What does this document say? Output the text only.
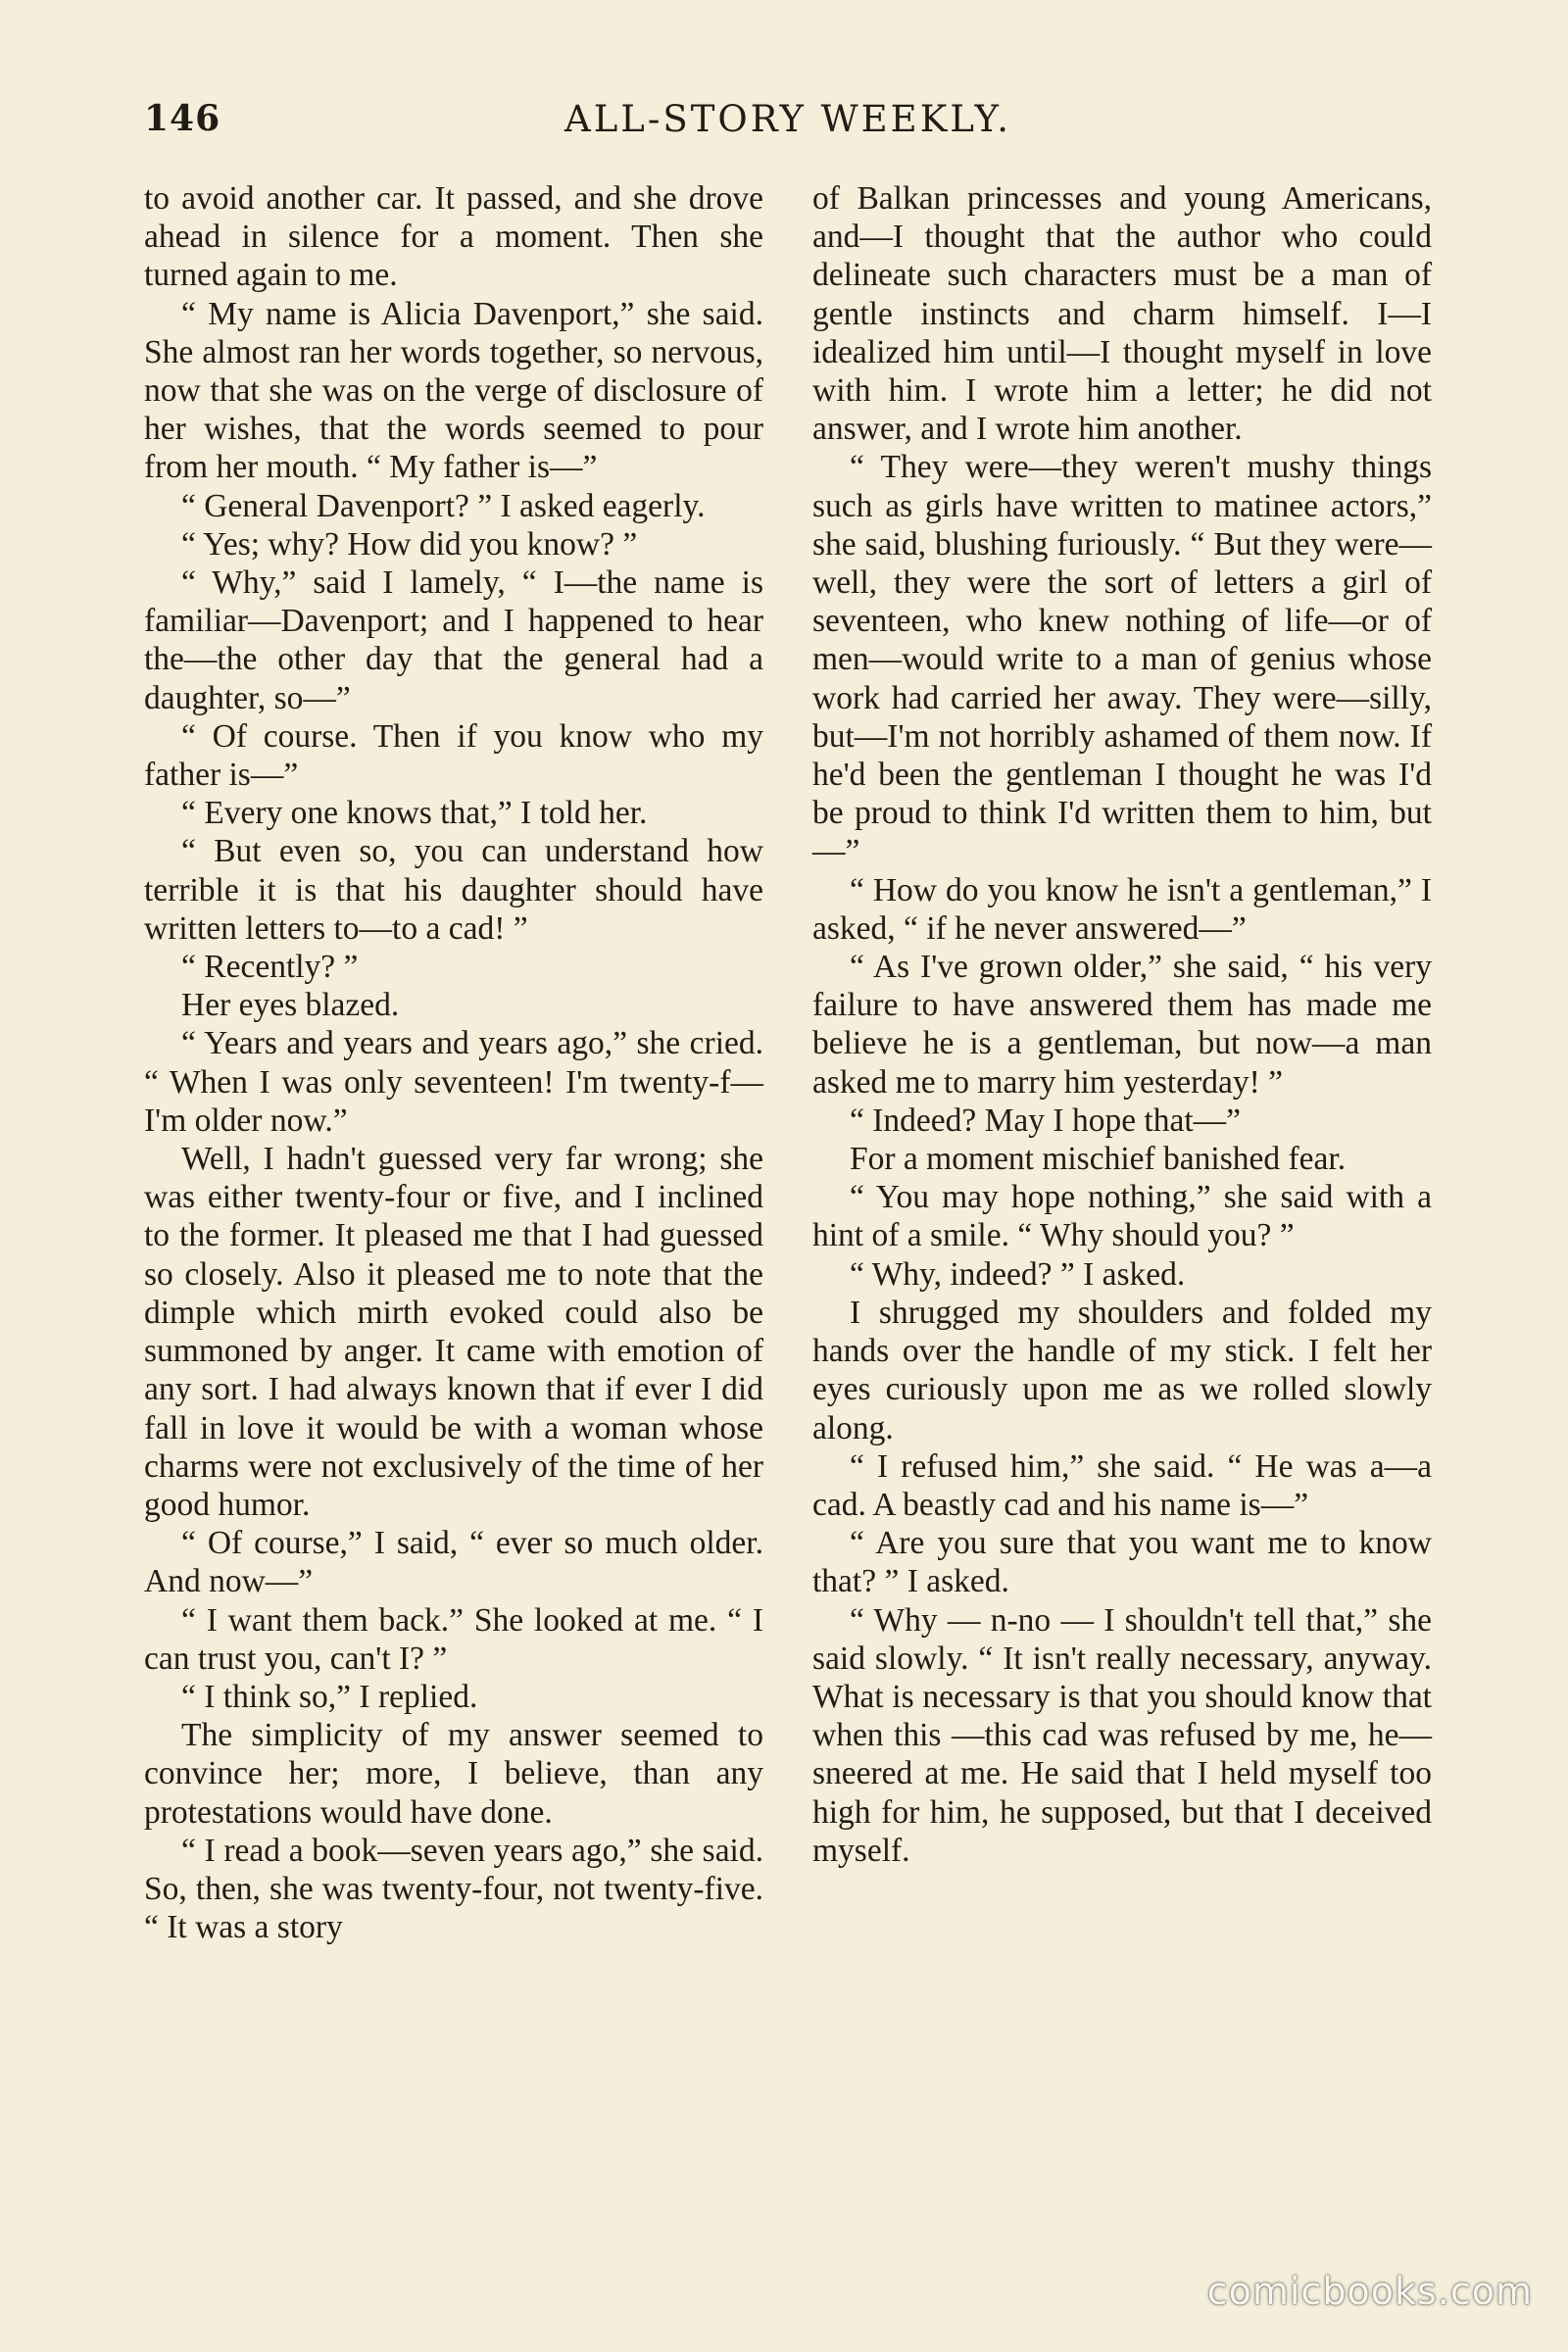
146	ALL-STORY WEEKLY.

to avoid another car. It passed, and she drove ahead in silence for a moment. Then she turned again to me.

“ My name is Alicia Davenport,” she said. She almost ran her words together, so nervous, now that she was on the verge of disclosure of her wishes, that the words seemed to pour from her mouth. “ My father is—”

“ General Davenport? ” I asked eagerly.

“ Yes; why? How did you know? ”

“ Why,” said I lamely, “ I—the name is familiar—Davenport; and I happened to hear the—the other day that the general had a daughter, so—”

“ Of course. Then if you know who my father is—”

“ Every one knows that,” I told her.

“ But even so, you can understand how terrible it is that his daughter should have written letters to—to a cad! ”

“ Recently? ”

Her eyes blazed.

“ Years and years and years ago,” she cried. “ When I was only seventeen! I'm twenty-f— I'm older now.”

Well, I hadn't guessed very far wrong; she was either twenty-four or five, and I inclined to the former. It pleased me that I had guessed so closely. Also it pleased me to note that the dimple which mirth evoked could also be summoned by anger. It came with emotion of any sort. I had always known that if ever I did fall in love it would be with a woman whose charms were not exclusively of the time of her good humor.

“ Of course,” I said, “ ever so much older. And now—”

“ I want them back.” She looked at me. “ I can trust you, can't I? ”

“ I think so,” I replied.

The simplicity of my answer seemed to convince her; more, I believe, than any protestations would have done.

“ I read a book—seven years ago,” she said. So, then, she was twenty-four, not twenty-five. “ It was a story

of Balkan princesses and young Americans, and—I thought that the author who could delineate such characters must be a man of gentle instincts and charm himself. I—I idealized him until—I thought myself in love with him. I wrote him a letter; he did not answer, and I wrote him another.

“ They were—they weren't mushy things such as girls have written to matinee actors,” she said, blushing furiously. “ But they were—well, they were the sort of letters a girl of seventeen, who knew nothing of life—or of men—would write to a man of genius whose work had carried her away. They were—silly, but—I'm not horribly ashamed of them now. If he'd been the gentleman I thought he was I'd be proud to think I'd written them to him, but—”

“ How do you know he isn't a gentleman,” I asked, “ if he never answered—”

“ As I've grown older,” she said, “ his very failure to have answered them has made me believe he is a gentleman, but now—a man asked me to marry him yesterday! ”

“ Indeed? May I hope that—”

For a moment mischief banished fear.

“ You may hope nothing,” she said with a hint of a smile. “ Why should you? ”

“ Why, indeed? ” I asked.

I shrugged my shoulders and folded my hands over the handle of my stick. I felt her eyes curiously upon me as we rolled slowly along.

“ I refused him,” she said. “ He was a—a cad. A beastly cad and his name is—”

“ Are you sure that you want me to know that? ” I asked.

“ Why — n-no — I shouldn't tell that,” she said slowly. “ It isn't really necessary, anyway. What is necessary is that you should know that when this —this cad was refused by me, he—sneered at me. He said that I held myself too high for him, he supposed, but that I deceived myself.

comicbooks.com
